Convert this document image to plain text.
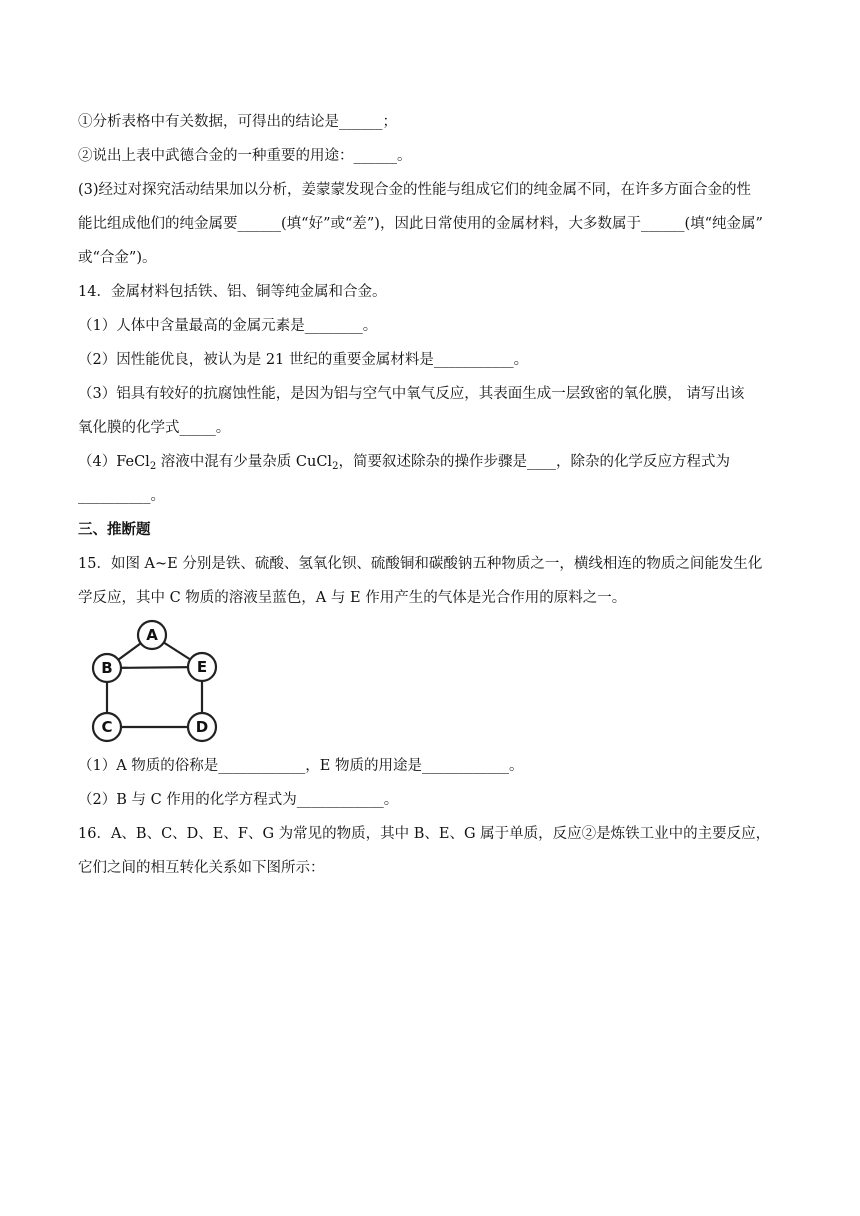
①分析表格中有关数据，可得出的结论是______；
②说出上表中武德合金的一种重要的用途：______。
(3)经过对探究活动结果加以分析，姜蒙蒙发现合金的性能与组成它们的纯金属不同，在许多方面合金的性
能比组成他们的纯金属要______(填“好”或“差”)，因此日常使用的金属材料，大多数属于______(填“纯金属”
或“合金”)。
14．金属材料包括铁、铝、铜等纯金属和合金。
（1）人体中含量最高的金属元素是________。
（2）因性能优良，被认为是 21 世纪的重要金属材料是___________。
（3）铝具有较好的抗腐蚀性能，是因为铝与空气中氧气反应，其表面生成一层致密的氧化膜， 请写出该
氧化膜的化学式_____。
（4）FeCl$_2$ 溶液中混有少量杂质 CuCl$_2$，简要叙述除杂的操作步骤是____，除杂的化学反应方程式为
__________。
三、推断题
15．如图 A~E 分别是铁、硫酸、氢氧化钡、硫酸铜和碳酸钠五种物质之一，横线相连的物质之间能发生化
学反应，其中 C 物质的溶液呈蓝色，A 与 E 作用产生的气体是光合作用的原料之一。
A
B	E
C	D
（1）A 物质的俗称是____________，E 物质的用途是____________。
（2）B 与 C 作用的化学方程式为____________。
16．A、B、C、D、E、F、G 为常见的物质，其中 B、E、G 属于单质，反应②是炼铁工业中的主要反应，
它们之间的相互转化关系如下图所示：
